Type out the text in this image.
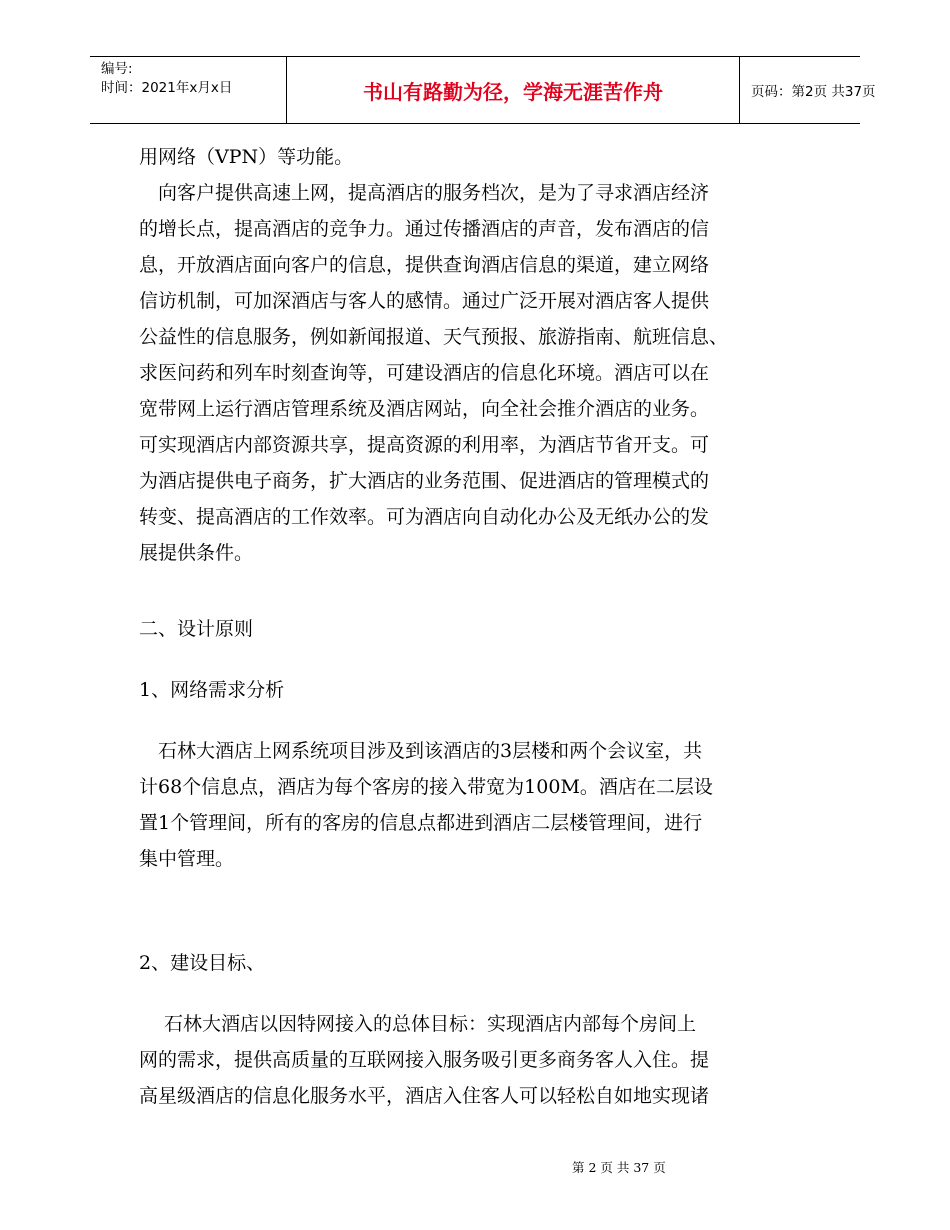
编号:
时间：2021年x月x日	书山有路勤为径，学海无涯苦作舟	页码：第2页 共37页
用网络（VPN）等功能。
　向客户提供高速上网，提高酒店的服务档次，是为了寻求酒店经济
的增长点，提高酒店的竞争力。通过传播酒店的声音，发布酒店的信
息，开放酒店面向客户的信息，提供查询酒店信息的渠道，建立网络
信访机制，可加深酒店与客人的感情。通过广泛开展对酒店客人提供
公益性的信息服务，例如新闻报道、天气预报、旅游指南、航班信息、
求医问药和列车时刻查询等，可建设酒店的信息化环境。酒店可以在
宽带网上运行酒店管理系统及酒店网站，向全社会推介酒店的业务。
可实现酒店内部资源共享，提高资源的利用率，为酒店节省开支。可
为酒店提供电子商务，扩大酒店的业务范围、促进酒店的管理模式的
转变、提高酒店的工作效率。可为酒店向自动化办公及无纸办公的发
展提供条件。
二、设计原则
1、网络需求分析
　石林大酒店上网系统项目涉及到该酒店的3层楼和两个会议室，共
计68个信息点，酒店为每个客房的接入带宽为100M。酒店在二层设
置1个管理间，所有的客房的信息点都进到酒店二层楼管理间，进行
集中管理。
2、建设目标、
　 石林大酒店以因特网接入的总体目标：实现酒店内部每个房间上
网的需求，提供高质量的互联网接入服务吸引更多商务客人入住。提
高星级酒店的信息化服务水平，酒店入住客人可以轻松自如地实现诸
第 2 页 共 37 页
